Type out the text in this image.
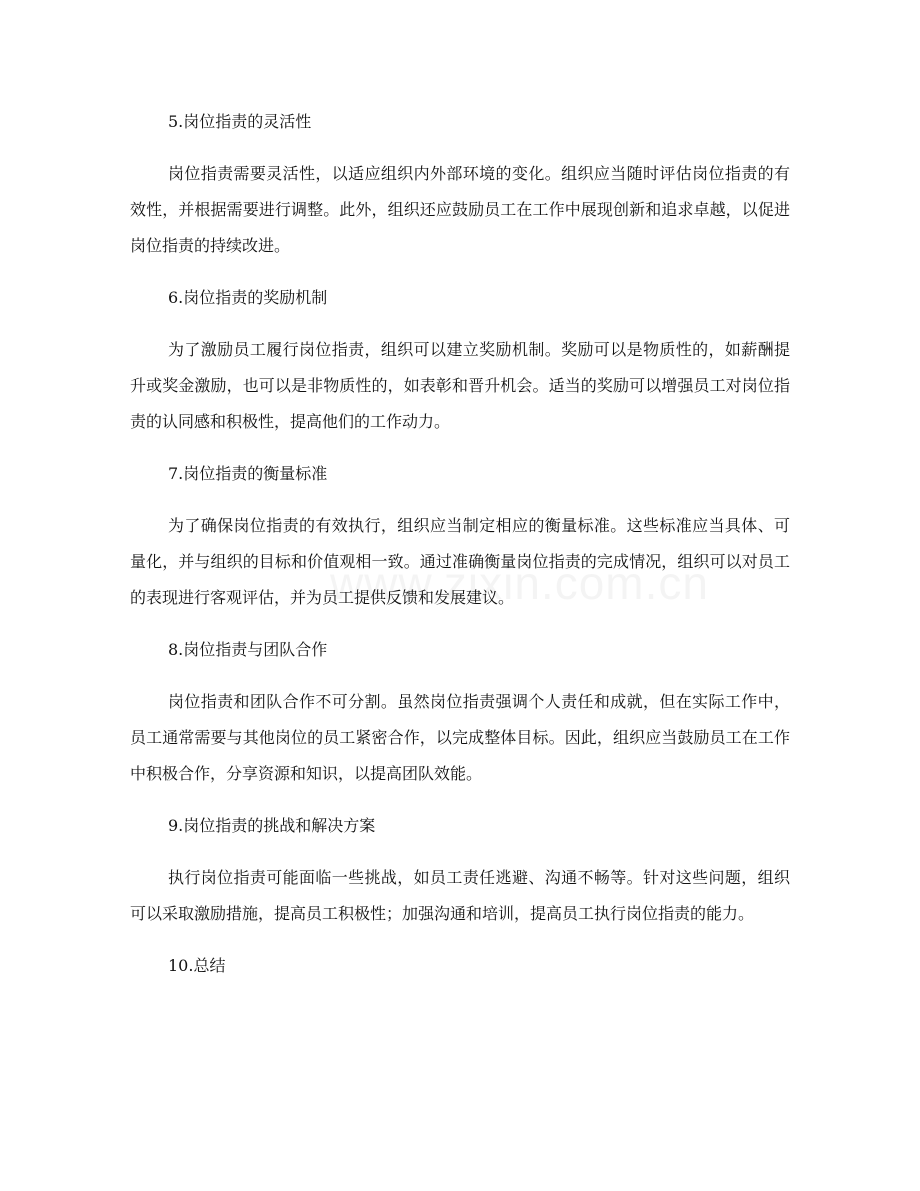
5.岗位指责的灵活性

岗位指责需要灵活性，以适应组织内外部环境的变化。组织应当随时评估岗位指责的有效性，并根据需要进行调整。此外，组织还应鼓励员工在工作中展现创新和追求卓越，以促进岗位指责的持续改进。

6.岗位指责的奖励机制

为了激励员工履行岗位指责，组织可以建立奖励机制。奖励可以是物质性的，如薪酬提升或奖金激励，也可以是非物质性的，如表彰和晋升机会。适当的奖励可以增强员工对岗位指责的认同感和积极性，提高他们的工作动力。

7.岗位指责的衡量标准

为了确保岗位指责的有效执行，组织应当制定相应的衡量标准。这些标准应当具体、可量化，并与组织的目标和价值观相一致。通过准确衡量岗位指责的完成情况，组织可以对员工的表现进行客观评估，并为员工提供反馈和发展建议。

8.岗位指责与团队合作

岗位指责和团队合作不可分割。虽然岗位指责强调个人责任和成就，但在实际工作中，员工通常需要与其他岗位的员工紧密合作，以完成整体目标。因此，组织应当鼓励员工在工作中积极合作，分享资源和知识，以提高团队效能。

9.岗位指责的挑战和解决方案

执行岗位指责可能面临一些挑战，如员工责任逃避、沟通不畅等。针对这些问题，组织可以采取激励措施，提高员工积极性；加强沟通和培训，提高员工执行岗位指责的能力。

10.总结
